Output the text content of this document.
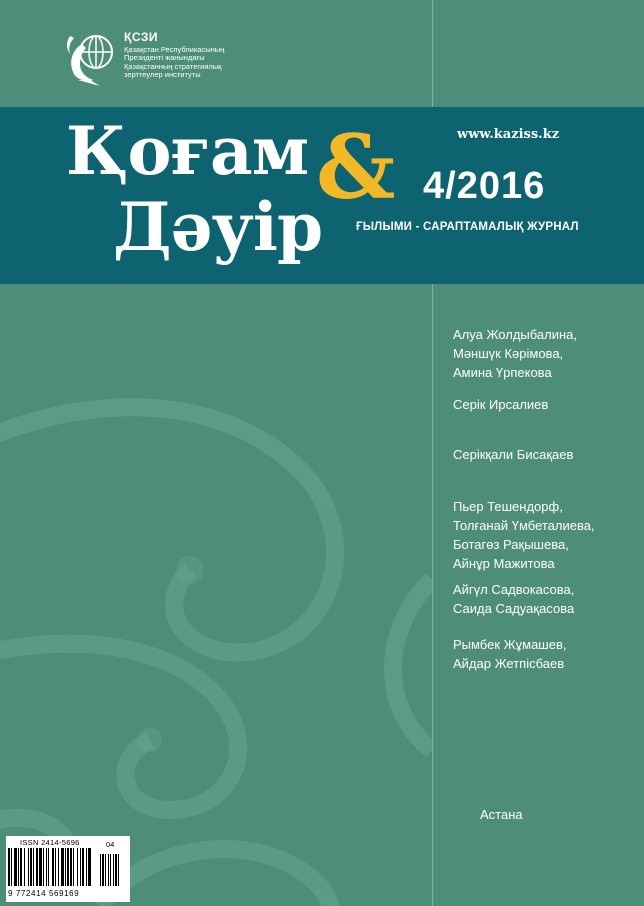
ҚСЗИ
Қазақстан Республикасының
Президенті жанындағы
Қазақстанның стратегиялық
зерттеулер институты
Қоғам &
Дәуір
www.kaziss.kz
4/2016
ҒЫЛЫМИ - САРАПТАМАЛЫҚ ЖУРНАЛ
Алуа Жолдыбалина,
Мәншүк Кәрімова,
Амина Үрпекова
Серік Ирсалиев
Серікқали Бисақаев
Пьер Тешендорф,
Толғанай Үмбеталиева,
Ботагөз Рақышева,
Айнұр Мажитова
Айгүл Садвокасова,
Саида Садуақасова
Рымбек Жұмашев,
Айдар Жетпісбаев
Астана
ISSN 2414-5696	04
9 772414 569169
